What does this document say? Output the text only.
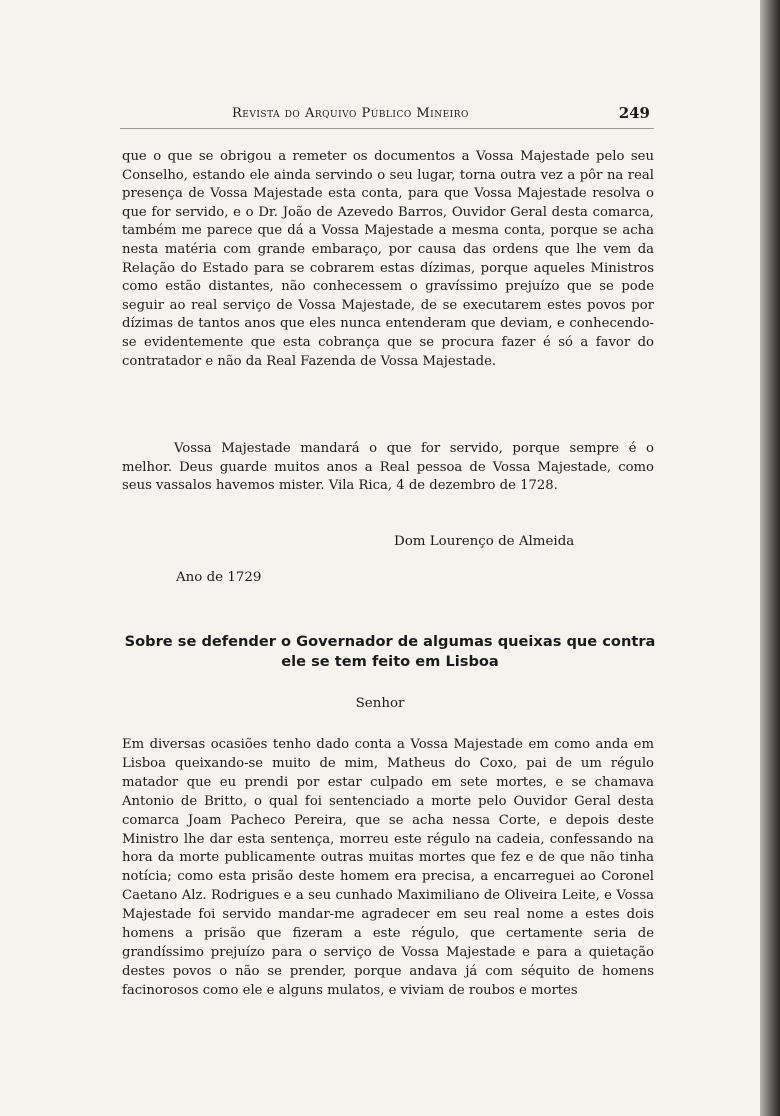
Revista do Arquivo Público Mineiro	249

que o que se obrigou a remeter os documentos a Vossa Majestade pelo seu Conselho, estando ele ainda servindo o seu lugar, torna outra vez a pôr na real presença de Vossa Majestade esta conta, para que Vossa Majestade resolva o que for servido, e o Dr. João de Azevedo Barros, Ouvidor Geral desta comarca, também me parece que dá a Vossa Majestade a mesma conta, porque se acha nesta matéria com grande embaraço, por causa das ordens que lhe vem da Relação do Estado para se cobrarem estas dízimas, porque aqueles Ministros como estão distantes, não conhecessem o gravíssimo prejuízo que se pode seguir ao real serviço de Vossa Majestade, de se executarem estes povos por dízimas de tantos anos que eles nunca entenderam que deviam, e conhecendo-se evidentemente que esta cobrança que se procura fazer é só a favor do contratador e não da Real Fazenda de Vossa Majestade.

Vossa Majestade mandará o que for servido, porque sempre é o melhor. Deus guarde muitos anos a Real pessoa de Vossa Majestade, como seus vassalos havemos mister. Vila Rica, 4 de dezembro de 1728.

Dom Lourenço de Almeida
Ano de 1729
Sobre se defender o Governador de algumas queixas que contra ele se tem feito em Lisboa
Senhor

Em diversas ocasiões tenho dado conta a Vossa Majestade em como anda em Lisboa queixando-se muito de mim, Matheus do Coxo, pai de um régulo matador que eu prendi por estar culpado em sete mortes, e se chamava Antonio de Britto, o qual foi sentenciado a morte pelo Ouvidor Geral desta comarca Joam Pacheco Pereira, que se acha nessa Corte, e depois deste Ministro lhe dar esta sentença, morreu este régulo na cadeia, confessando na hora da morte publicamente outras muitas mortes que fez e de que não tinha notícia; como esta prisão deste homem era precisa, a encarreguei ao Coronel Caetano Alz. Rodrigues e a seu cunhado Maximiliano de Oliveira Leite, e Vossa Majestade foi servido mandar-me agradecer em seu real nome a estes dois homens a prisão que fizeram a este régulo, que certamente seria de grandíssimo prejuízo para o serviço de Vossa Majestade e para a quietação destes povos o não se prender, porque andava já com séquito de homens facinorosos como ele e alguns mulatos, e viviam de roubos e mortes
